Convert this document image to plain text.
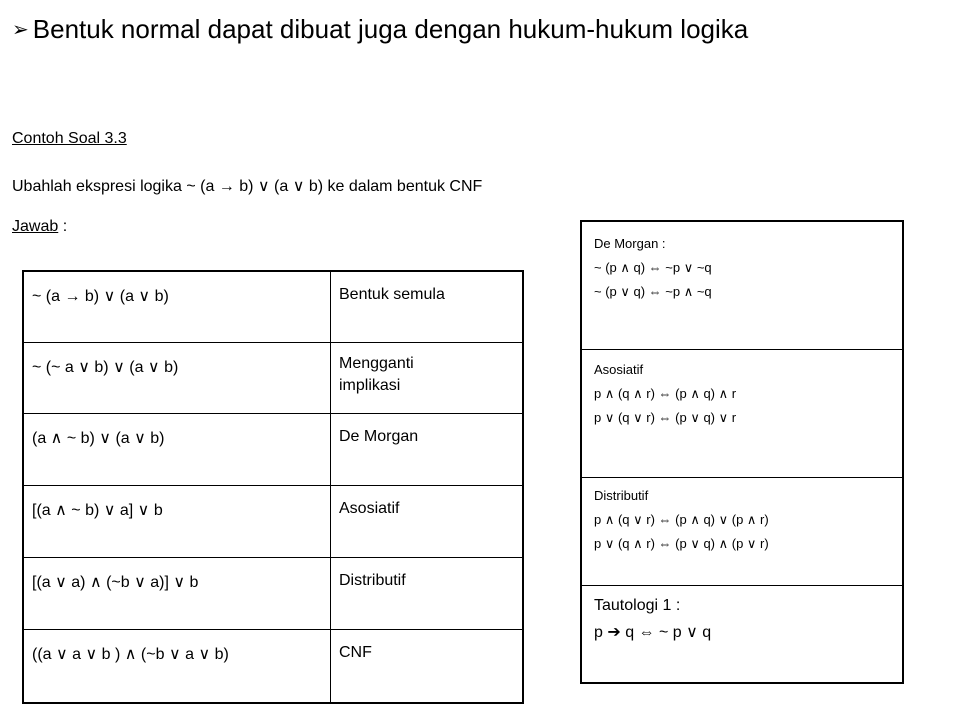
➢ Bentuk normal dapat dibuat juga dengan hukum-hukum logika
Contoh Soal 3.3
Ubahlah ekspresi logika ~ (a → b) ∨ (a ∨ b) ke dalam bentuk CNF
Jawab :
~ (a → b) ∨ (a ∨ b)	Bentuk semula
~ (~ a ∨ b) ∨ (a ∨ b)	Mengganti
implikasi

(a ∧ ~ b) ∨ (a ∨ b)	De Morgan
[(a ∧ ~ b) ∨ a] ∨ b	Asosiatif
[(a ∨ a) ∧ (~b ∨ a)] ∨ b	Distributif
((a ∨ a ∨ b ) ∧ (~b ∨ a ∨ b)	CNF
De Morgan :
~ (p ∧ q) ⇔ ~p ∨ ~q
~ (p ∨ q) ⇔ ~p ∧ ~q
Asosiatif
p ∧ (q ∧ r) ⇔ (p ∧ q) ∧ r
p ∨ (q ∨ r) ⇔ (p ∨ q) ∨ r
Distributif
p ∧ (q ∨ r) ⇔ (p ∧ q) ∨ (p ∧ r)
p ∨ (q ∧ r) ⇔ (p ∨ q) ∧ (p ∨ r)
Tautologi 1 :
p ➔ q ⇔ ~ p ∨ q
